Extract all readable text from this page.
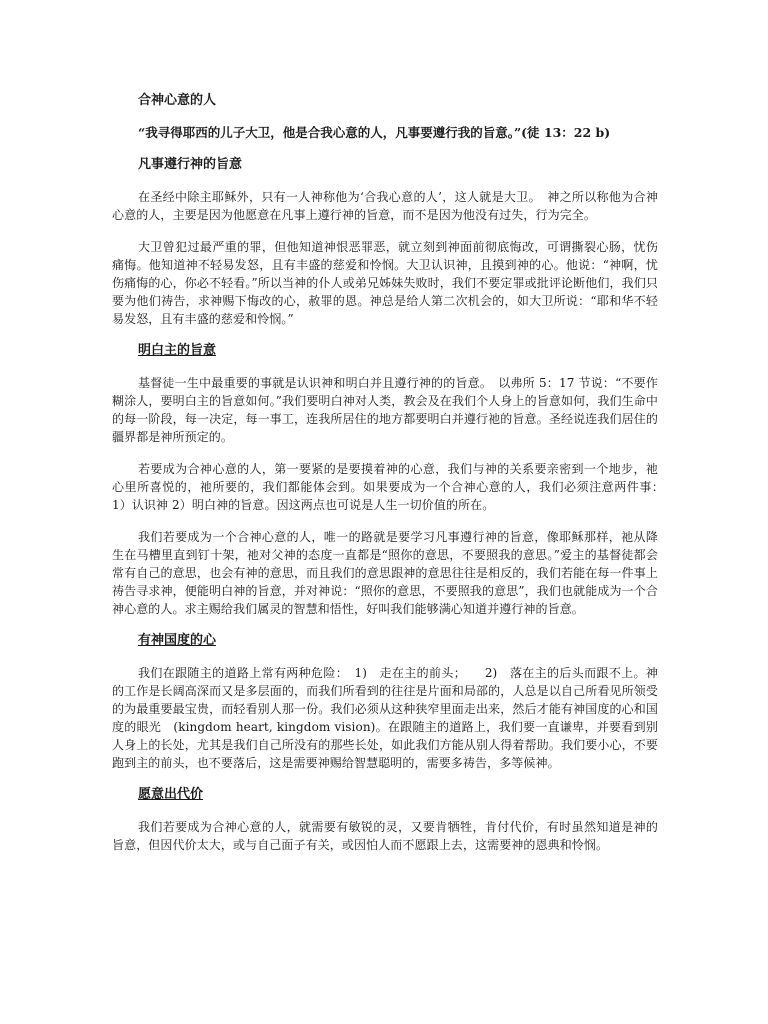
合神心意的人
“我寻得耶西的儿子大卫，他是合我心意的人，凡事要遵行我的旨意。”(徒 13：22 b)
凡事遵行神的旨意

在圣经中除主耶稣外，只有一人神称他为‘合我心意的人’，这人就是大卫。　神之所以称他为合神心意的人，主要是因为他愿意在凡事上遵行神的旨意，而不是因为他没有过失，行为完全。

大卫曾犯过最严重的罪，但他知道神恨恶罪恶，就立刻到神面前彻底悔改，可谓撕裂心肠，忧伤痛悔。他知道神不轻易发怒，且有丰盛的慈爱和怜悯。大卫认识神，且摸到神的心。他说：“神啊，忧伤痛悔的心，你必不轻看。”所以当神的仆人或弟兄姊妹失败时，我们不要定罪或批评论断他们，我们只要为他们祷告，求神赐下悔改的心，赦罪的恩。神总是给人第二次机会的，如大卫所说：“耶和华不轻易发怒，且有丰盛的慈爱和怜悯。”

明白主的旨意

基督徒一生中最重要的事就是认识神和明白并且遵行神的的旨意。　以弗所 5：17 节说：“不要作糊涂人，要明白主的旨意如何。”我们要明白神对人类，教会及在我们个人身上的旨意如何，我们生命中的每一阶段，每一决定，每一事工，连我所居住的地方都要明白并遵行祂的旨意。圣经说连我们居住的疆界都是神所预定的。

若要成为合神心意的人，第一要紧的是要摸着神的心意，我们与神的关系要亲密到一个地步，祂心里所喜悦的，祂所要的，我们都能体会到。如果要成为一个合神心意的人，我们必须注意两件事：　1）认识神 2）明白神的旨意。因这两点也可说是人生一切价值的所在。

我们若要成为一个合神心意的人，唯一的路就是要学习凡事遵行神的旨意，像耶稣那样，祂从降生在马槽里直到钉十架，祂对父神的态度一直都是“照你的意思，不要照我的意思。”爱主的基督徒都会常有自己的意思，也会有神的意思，而且我们的意思跟神的意思往往是相反的，我们若能在每一件事上祷告寻求神，便能明白神的旨意，并对神说：“照你的意思，不要照我的意思”，我们也就能成为一个合神心意的人。求主赐给我们属灵的智慧和悟性，好叫我们能够满心知道并遵行神的旨意。

有神国度的心

我们在跟随主的道路上常有两种危险：　1)　走在主的前头；　　2)　落在主的后头而跟不上。神的工作是长阔高深而又是多层面的，而我们所看到的往往是片面和局部的，人总是以自己所看见所领受的为最重要最宝贵，而轻看别人那一份。我们必须从这种狭窄里面走出来，然后才能有神国度的心和国度的眼光　(kingdom heart, kingdom vision)。在跟随主的道路上，我们要一直谦卑，并要看到别人身上的长处，尤其是我们自己所没有的那些长处，如此我们方能从别人得着帮助。我们要小心，不要跑到主的前头，也不要落后，这是需要神赐给智慧聪明的，需要多祷告，多等候神。

愿意出代价

我们若要成为合神心意的人，就需要有敏锐的灵，又要肯牺牲，肯付代价，有时虽然知道是神的旨意，但因代价太大，或与自己面子有关，或因怕人而不愿跟上去，这需要神的恩典和怜悯。
